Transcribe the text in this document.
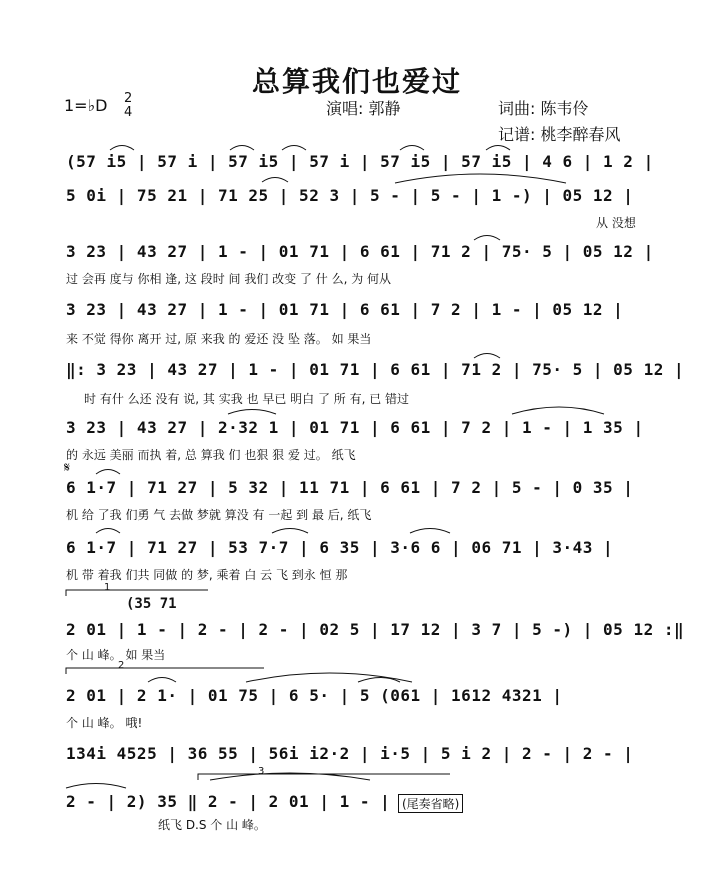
总算我们也爱过
1=♭D 2
4	演唱: 郭静	词曲: 陈韦伶
记谱: 桃李醉春风
(57 i5 | 57 i | 57 i5 | 57 i | 57 i5 | 57 i5 | 4 6 | 1 2 |
5 0i | 75 21 | 71 25 | 52 3 | 5 - | 5 - | 1 -) | 05 12 |
从 没想
3 23 | 43 27 | 1 - | 01 71 | 6 61 | 71 2 | 75· 5 | 05 12 |
过 会再 度与 你相 逢, 这 段时 间 我们 改变 了 什 么, 为 何从
3 23 | 43 27 | 1 - | 01 71 | 6 61 | 7 2 | 1 - | 05 12 |
来 不觉 得你 离开 过, 原 来我 的 爱还 没 坠 落。 如 果当
‖: 3 23 | 43 27 | 1 - | 01 71 | 6 61 | 71 2 | 75· 5 | 05 12 |
时 有什 么还 没有 说, 其 实我 也 早已 明白 了 所 有, 已 错过
3 23 | 43 27 | 2·32 1 | 01 71 | 6 61 | 7 2 | 1 - | 1 35 |
的 永远 美丽 而执 着, 总 算我 们 也狠 狠 爱 过。 纸飞
𝄋
6 1·7 | 71 27 | 5 32 | 11 71 | 6 61 | 7 2 | 5 - | 0 35 |
机 给 了我 们勇 气 去做 梦就 算没 有 一起 到 最 后, 纸飞
6 1·7 | 71 27 | 53 7·7 | 6 35 | 3·6 6 | 06 71 | 3·43 |
机 带 着我 们共 同做 的 梦, 乘着 白 云 飞 到永 恒 那
1
(35 71
2 01 | 1 - | 2 - | 2 - | 02 5 | 17 12 | 3 7 | 5 -) | 05 12 :‖
个 山 峰。 如 果当
2
2 01 | 2 1· | 01 75 | 6 5· | 5 (061 | 1612 4321 |
个 山 峰。 哦!
134i 4525 | 36 55 | 56i i2·2 | i·5 | 5 i 2 | 2 - | 2 - |
3
2 - | 2) 35 ‖ 2 - | 2 01 | 1 - | (尾奏省略)
纸飞 D.S 个 山 峰。
